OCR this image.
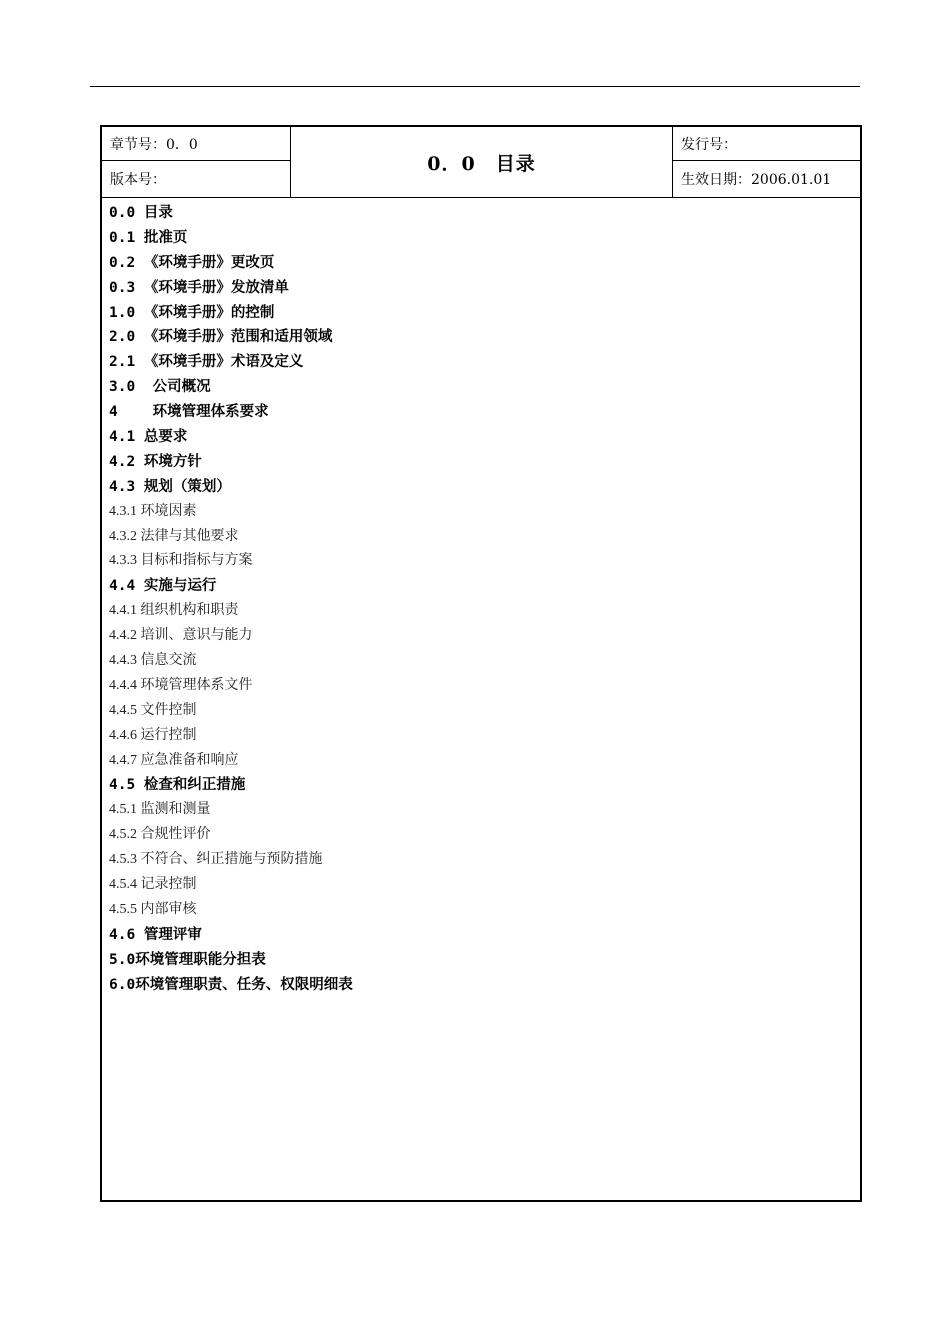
章节号：0．0
版本号：
0．0　目录
发行号：
生效日期：2006.01.01
0.0 目录
0.1 批准页
0.2 《环境手册》更改页
0.3 《环境手册》发放清单
1.0 《环境手册》的控制
2.0 《环境手册》范围和适用领域
2.1 《环境手册》术语及定义
3.0  公司概况
4    环境管理体系要求
4.1 总要求
4.2 环境方针
4.3 规划（策划）
4.3.1 环境因素
4.3.2 法律与其他要求
4.3.3 目标和指标与方案
4.4 实施与运行
4.4.1 组织机构和职责
4.4.2 培训、意识与能力
4.4.3 信息交流
4.4.4 环境管理体系文件
4.4.5 文件控制
4.4.6 运行控制
4.4.7 应急准备和响应
4.5 检查和纠正措施
4.5.1 监测和测量
4.5.2 合规性评价
4.5.3 不符合、纠正措施与预防措施
4.5.4 记录控制
4.5.5 内部审核
4.6 管理评审
5.0环境管理职能分担表
6.0环境管理职责、任务、权限明细表
